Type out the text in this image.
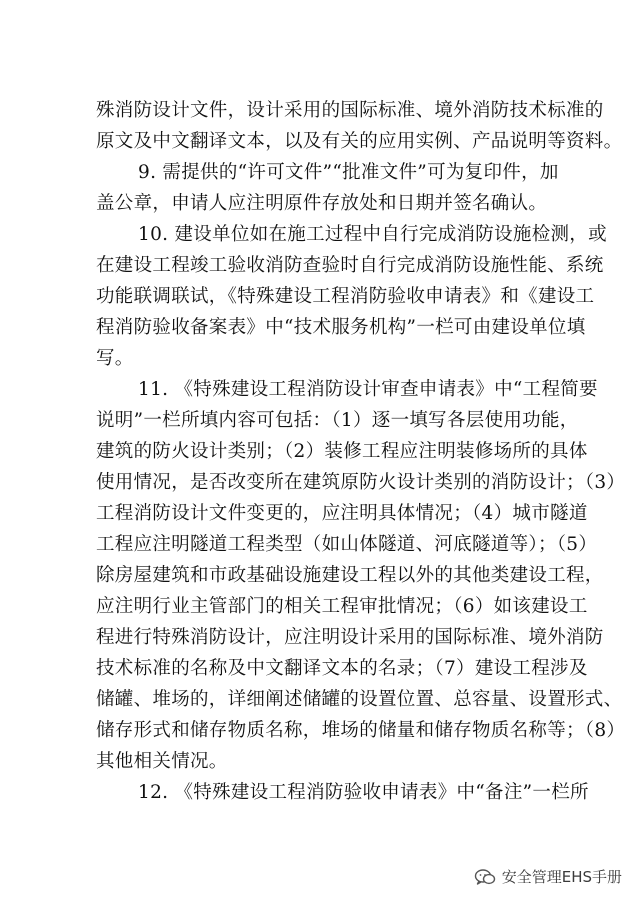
殊消防设计文件，设计采用的国际标准、境外消防技术标准的
原文及中文翻译文本，以及有关的应用实例、产品说明等资料。
9. 需提供的“许可文件”“批准文件”可为复印件，加
盖公章，申请人应注明原件存放处和日期并签名确认。
10. 建设单位如在施工过程中自行完成消防设施检测，或
在建设工程竣工验收消防查验时自行完成消防设施性能、系统
功能联调联试，《特殊建设工程消防验收申请表》和《建设工
程消防验收备案表》中“技术服务机构”一栏可由建设单位填
写。
11. 《特殊建设工程消防设计审查申请表》中“工程简要
说明”一栏所填内容可包括：（1）逐一填写各层使用功能，
建筑的防火设计类别；（2）装修工程应注明装修场所的具体
使用情况，是否改变所在建筑原防火设计类别的消防设计；（3）
工程消防设计文件变更的，应注明具体情况；（4）城市隧道
工程应注明隧道工程类型（如山体隧道、河底隧道等）；（5）
除房屋建筑和市政基础设施建设工程以外的其他类建设工程，
应注明行业主管部门的相关工程审批情况；（6）如该建设工
程进行特殊消防设计，应注明设计采用的国际标准、境外消防
技术标准的名称及中文翻译文本的名录；（7）建设工程涉及
储罐、堆场的，详细阐述储罐的设置位置、总容量、设置形式、
储存形式和储存物质名称，堆场的储量和储存物质名称等；（8）
其他相关情况。
12. 《特殊建设工程消防验收申请表》中“备注”一栏所
安全管理EHS手册
